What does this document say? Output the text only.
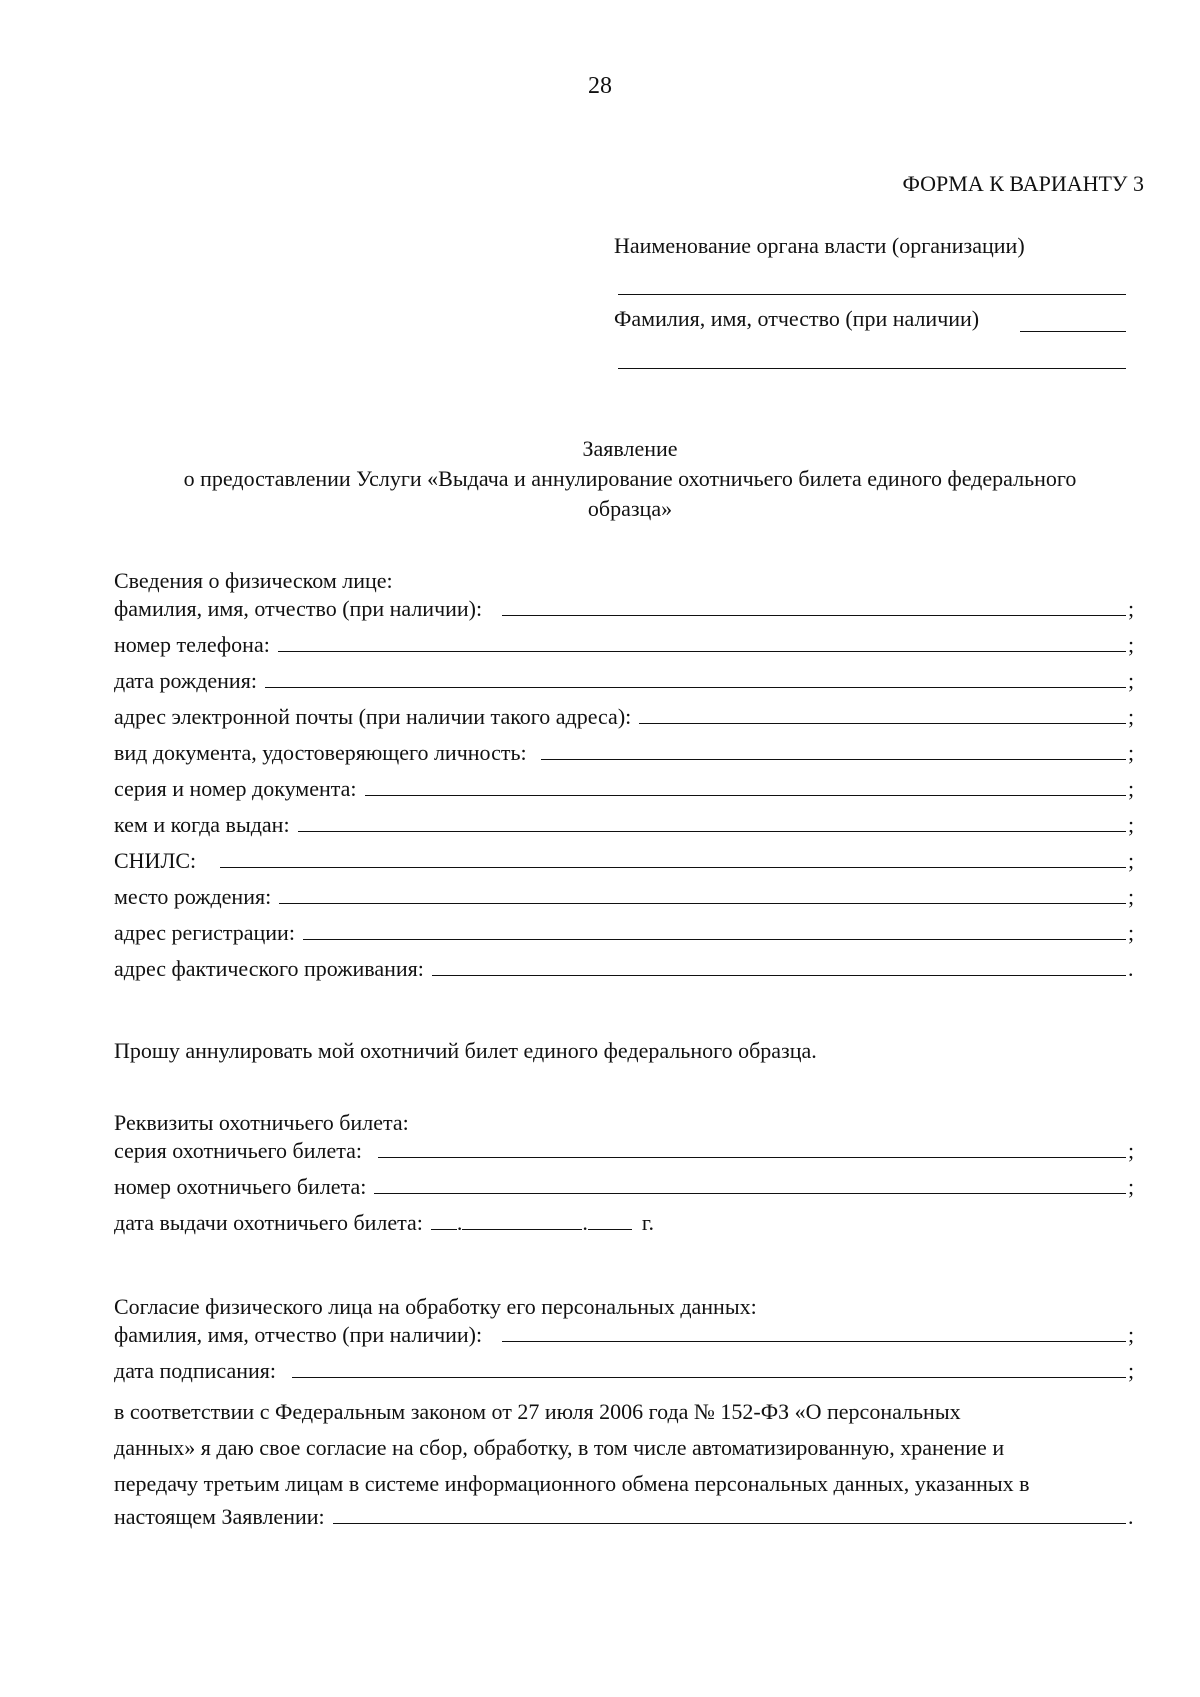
28
ФОРМА К ВАРИАНТУ 3
Наименование органа власти (организации)
Фамилия, имя, отчество (при наличии)
Заявление
о предоставлении Услуги «Выдача и аннулирование охотничьего билета единого федерального
образца»
Сведения о физическом лице:
фамилия, имя, отчество (при наличии):	;
номер телефона:	;
дата рождения:	;
адрес электронной почты (при наличии такого адреса):	;
вид документа, удостоверяющего личность:	;
серия и номер документа:	;
кем и когда выдан:	;
СНИЛС:	;
место рождения:	;
адрес регистрации:	;
адрес фактического проживания:	.
Прошу аннулировать мой охотничий билет единого федерального образца.
Реквизиты охотничьего билета:
серия охотничьего билета:	;
номер охотничьего билета:	;
дата выдачи охотничьего билета:	.	.	г.
Согласие физического лица на обработку его персональных данных:
фамилия, имя, отчество (при наличии):	;
дата подписания:	;
в соответствии с Федеральным законом от 27 июля 2006 года № 152-ФЗ «О персональных
данных» я даю свое согласие на сбор, обработку, в том числе автоматизированную, хранение и
передачу третьим лицам в системе информационного обмена персональных данных, указанных в
настоящем Заявлении:	.
